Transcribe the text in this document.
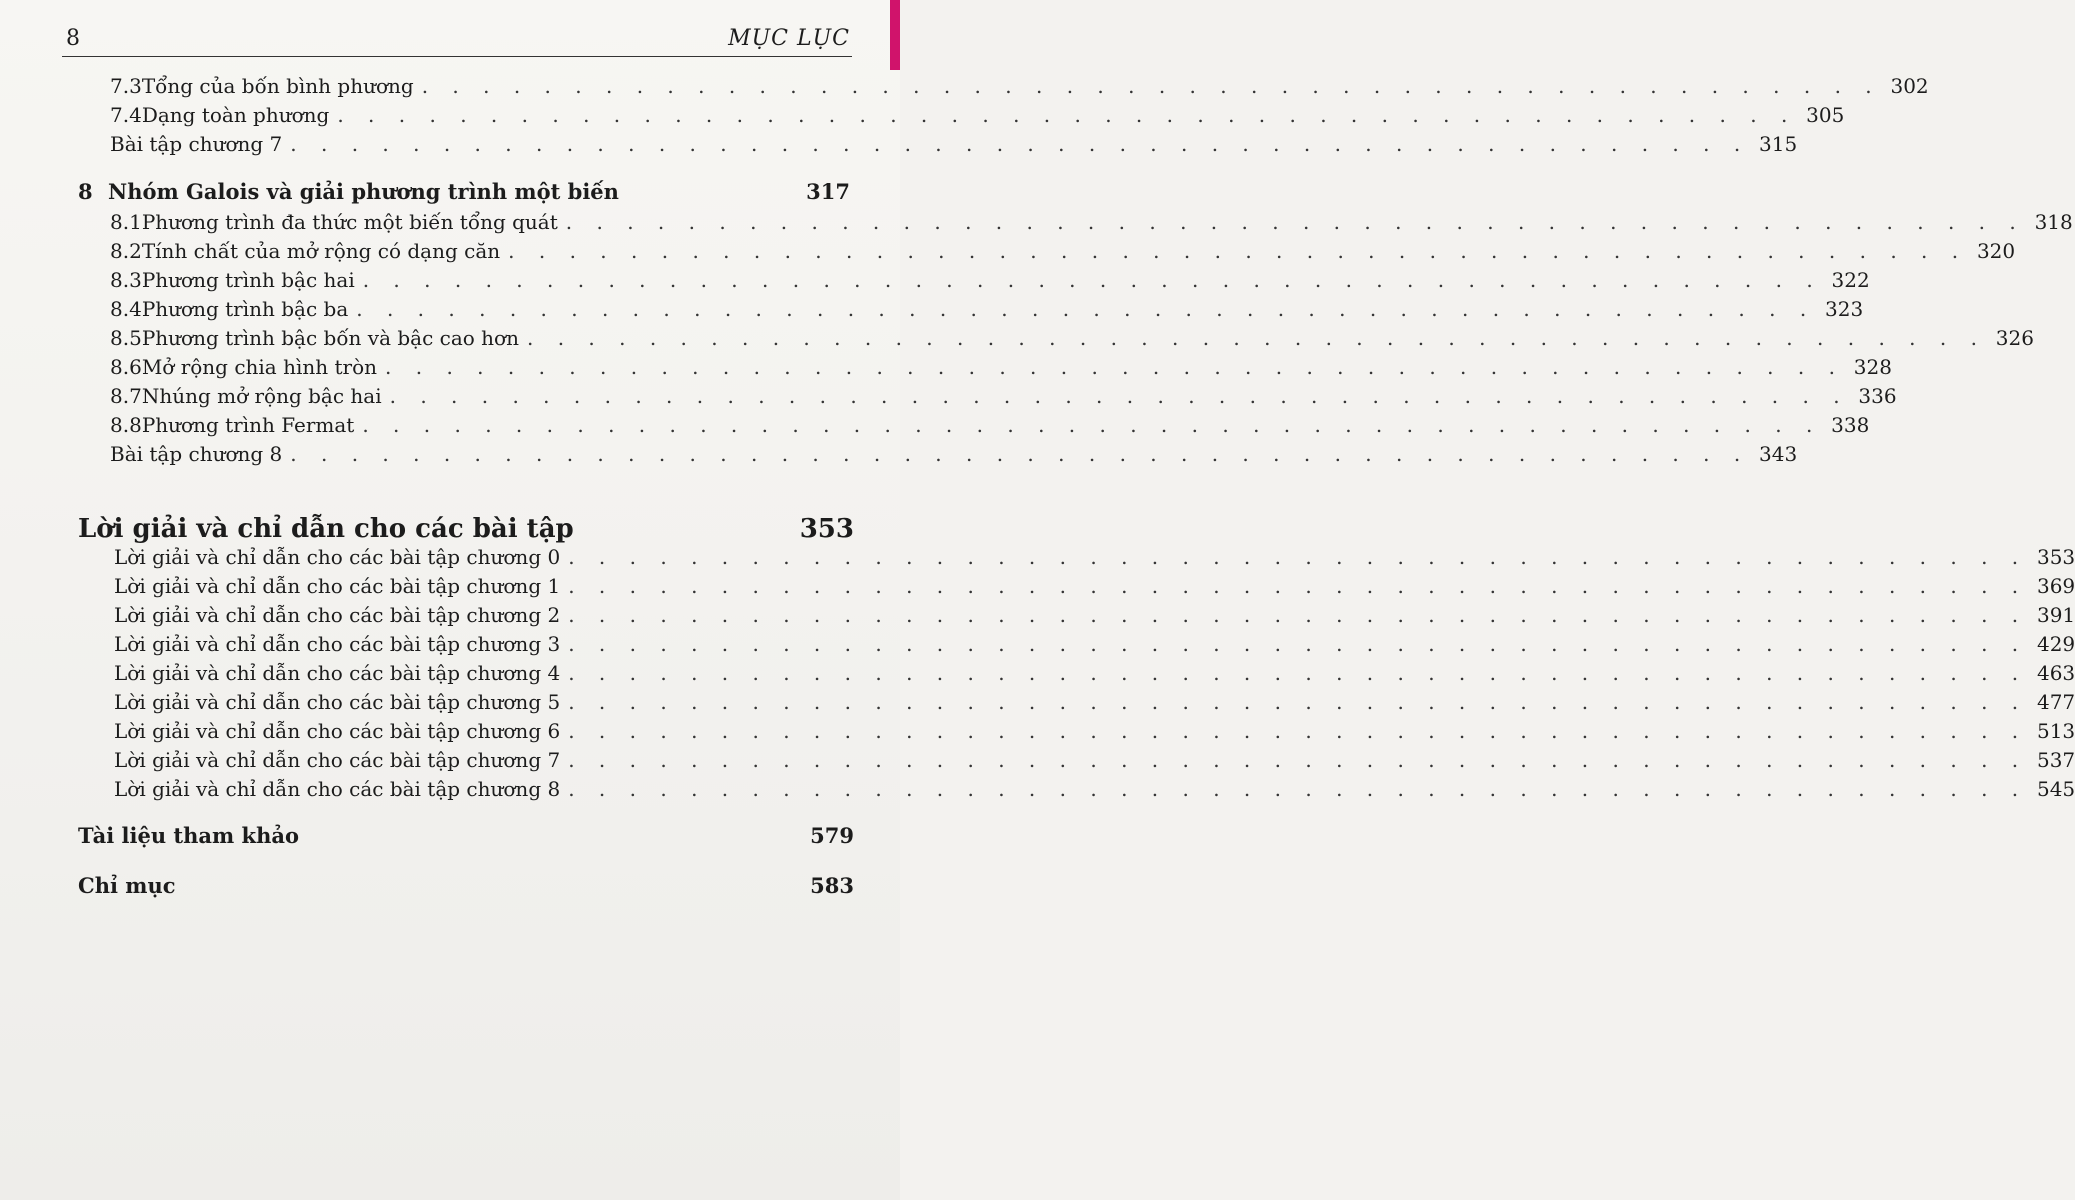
8	MỤC LỤC
7.3 Tổng của bốn bình phương . . . . . . . . . . . . . . . . . . . . . . . . . . . . . . . . . . . . . . . . . . . . . . . . 302
7.4 Dạng toàn phương . . . . . . . . . . . . . . . . . . . . . . . . . . . . . . . . . . . . . . . . . . . . . . . . 305
Bài tập chương 7 . . . . . . . . . . . . . . . . . . . . . . . . . . . . . . . . . . . . . . . . . . . . . . . . 315
8 Nhóm Galois và giải phương trình một biến	317
8.1 Phương trình đa thức một biến tổng quát . . . . . . . . . . . . . . . . . . . . . . . . . . . . . . . . . . . . . . . . . . . . . . . . 318
8.2 Tính chất của mở rộng có dạng căn . . . . . . . . . . . . . . . . . . . . . . . . . . . . . . . . . . . . . . . . . . . . . . . . 320
8.3 Phương trình bậc hai . . . . . . . . . . . . . . . . . . . . . . . . . . . . . . . . . . . . . . . . . . . . . . . . 322
8.4 Phương trình bậc ba . . . . . . . . . . . . . . . . . . . . . . . . . . . . . . . . . . . . . . . . . . . . . . . . 323
8.5 Phương trình bậc bốn và bậc cao hơn . . . . . . . . . . . . . . . . . . . . . . . . . . . . . . . . . . . . . . . . . . . . . . . . 326
8.6 Mở rộng chia hình tròn . . . . . . . . . . . . . . . . . . . . . . . . . . . . . . . . . . . . . . . . . . . . . . . . 328
8.7 Nhúng mở rộng bậc hai . . . . . . . . . . . . . . . . . . . . . . . . . . . . . . . . . . . . . . . . . . . . . . . . 336
8.8 Phương trình Fermat . . . . . . . . . . . . . . . . . . . . . . . . . . . . . . . . . . . . . . . . . . . . . . . . 338
Bài tập chương 8 . . . . . . . . . . . . . . . . . . . . . . . . . . . . . . . . . . . . . . . . . . . . . . . . 343
Lời giải và chỉ dẫn cho các bài tập	353
Lời giải và chỉ dẫn cho các bài tập chương 0 . . . . . . . . . . . . . . . . . . . . . . . . . . . . . . . . . . . . . . . . . . . . . . . . 353
Lời giải và chỉ dẫn cho các bài tập chương 1 . . . . . . . . . . . . . . . . . . . . . . . . . . . . . . . . . . . . . . . . . . . . . . . . 369
Lời giải và chỉ dẫn cho các bài tập chương 2 . . . . . . . . . . . . . . . . . . . . . . . . . . . . . . . . . . . . . . . . . . . . . . . . 391
Lời giải và chỉ dẫn cho các bài tập chương 3 . . . . . . . . . . . . . . . . . . . . . . . . . . . . . . . . . . . . . . . . . . . . . . . . 429
Lời giải và chỉ dẫn cho các bài tập chương 4 . . . . . . . . . . . . . . . . . . . . . . . . . . . . . . . . . . . . . . . . . . . . . . . . 463
Lời giải và chỉ dẫn cho các bài tập chương 5 . . . . . . . . . . . . . . . . . . . . . . . . . . . . . . . . . . . . . . . . . . . . . . . . 477
Lời giải và chỉ dẫn cho các bài tập chương 6 . . . . . . . . . . . . . . . . . . . . . . . . . . . . . . . . . . . . . . . . . . . . . . . . 513
Lời giải và chỉ dẫn cho các bài tập chương 7 . . . . . . . . . . . . . . . . . . . . . . . . . . . . . . . . . . . . . . . . . . . . . . . . 537
Lời giải và chỉ dẫn cho các bài tập chương 8 . . . . . . . . . . . . . . . . . . . . . . . . . . . . . . . . . . . . . . . . . . . . . . . . 545
Tài liệu tham khảo	579
Chỉ mục	583
